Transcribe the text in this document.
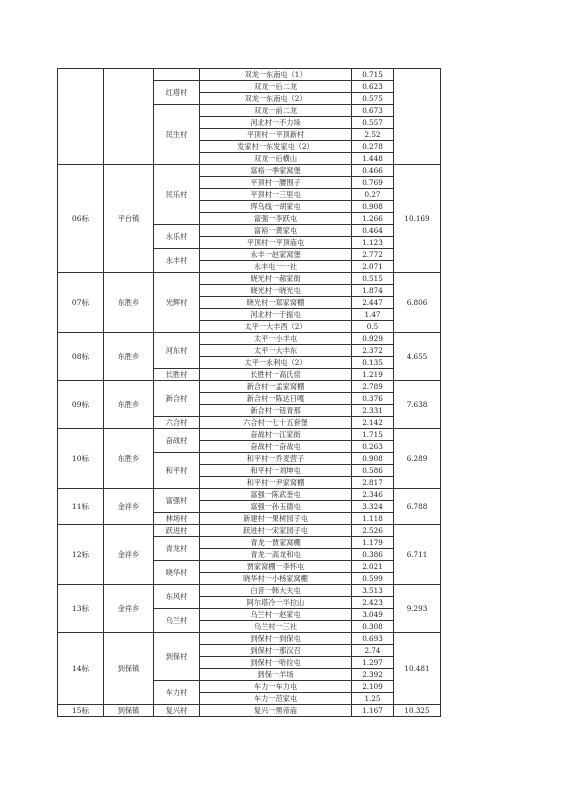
			双龙一东南屯（1）	0.715	
		红塔村	双龙一后二龙	0.623	
			双龙一东南屯（2）	0.575	
		民生村	双龙一前二龙	0.673	
			河北村一不力垛	0.557	
			平顶村一平顶新村	2.52	
			发家村一东发家屯（2）	0.278	
			双龙一后横山	1.448	
06标	平台镇	民乐村	富裕一季家窝堡	0.466	10.169
			平顶村一腰围子	0.769	
			平顶村一三里屯	0.27	
			珲乌线一胡家屯	0.908	
			富强一李跃屯	1.266	
		永乐村	富裕一黄家屯	0.464	
			平顶村一平顶庙屯	1.123	
		永丰村	永丰一赵家窝堡	2.772	
			永丰屯一一社	2.071	
07标	东胜乡	光辉村	晓光村一郝家街	0.515	6.806
			晓光村一晓光屯	1.874	
			晓光村一郑家窝棚	2.447	
			河北村一于振屯	1.47	
			太平一大丰西（2）	0.5	
08标	东胜乡	河东村	太平一小丰屯	0.929	4.655
			太平一大丰东	2.372	
			太平一永利屯（2）	0.135	
		长胜村	长胜村一高氏窑	1.219	
09标	东胜乡	新合村	新合村一孟家窝棚	2.789	7.638
			新合村一陈达日嘎	0.376	
			新合村一钮青那	2.331	
		六合村	六合村一七十五套堡	2.142	
10标	东胜乡	奋战村	奋战村一江家街	1.715	6.289
			奋战村一奋战屯	0.263	
		和平村	和平村一乔麦营子	0.908	
			和平村一刘坤屯	0.586	
			和平村一尹家窝棚	2.817	
11标	金祥乡	富强村	富强一陈武奎屯	2.346	6.788
			富强一孙玉德屯	3.324	
		林场村	新建村一果树园子屯	1.118	
12标	金祥乡	跃进村	跃进村一宋家园子屯	2.526	6.711
		青龙村	青龙一贾家窝棚	1.179	
			青龙一高龙和屯	0.386	
		晓华村	贾家窝棚一李怀屯	2.021	
			晓华村一小杨家窝棚	0.599	
13标	金祥乡	东风村	白音一韩大夫屯	3.513	9.293
			阿尔塔冷一半拉山	2.423	
		乌兰村	乌兰村一赵家屯	3.049	
			乌兰村一三社	0.308	
14标	到保镇	到保村	到保村一到保屯	0.693	10.481
			到保村一那汉召	2.74	
			到保村一哈拉屯	1.297	
			到保一羊场	2.392	
		车力村	车力一车力屯	2.109	
			车力一范家屯	1.25	
15标	到保镇	复兴村	复兴一黑帝庙	1.167	10.325
